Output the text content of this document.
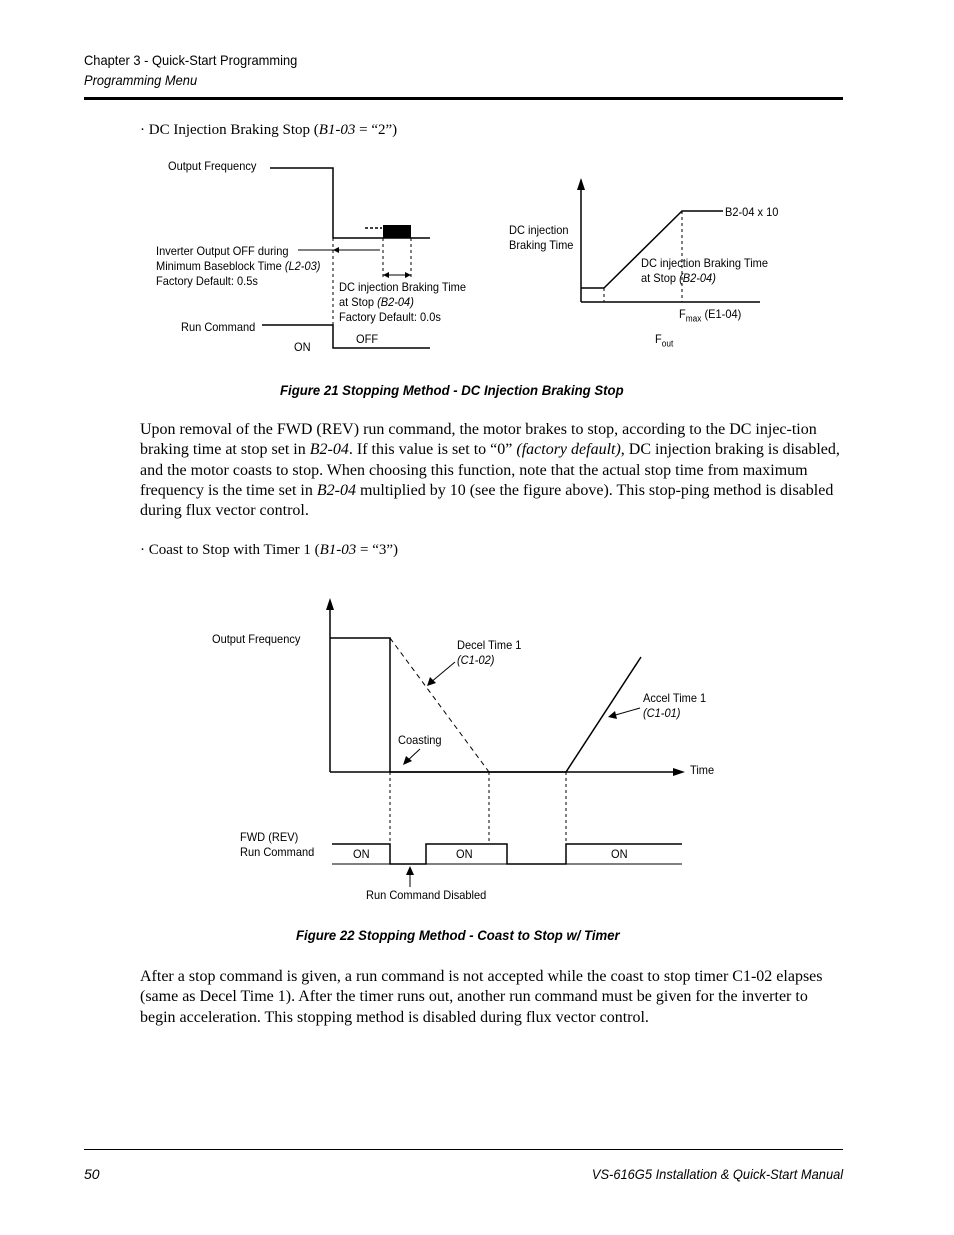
Chapter 3 - Quick-Start Programming
Programming Menu
· DC Injection Braking Stop (B1-03 = “2”)
Output Frequency
Inverter Output OFF during
Minimum Baseblock Time (L2-03)
Factory Default: 0.5s	DC injection Braking Time
at Stop (B2-04)
Factory Default: 0.0s
Run Command
ON
OFF
DC injection
Braking Time
B2-04 x 10
DC injection Braking Time
at Stop (B2-04)
$F_{max}$ (E1-04)
$F_{out}$
Figure 21 Stopping Method - DC Injection Braking Stop

Upon removal of the FWD (REV) run command, the motor brakes to stop, according to the DC injec-tion braking time at stop set in B2-04. If this value is set to “0” (factory default), DC injection braking is disabled, and the motor coasts to stop. When choosing this function, note that the actual stop time from maximum frequency is the time set in B2-04 multiplied by 10 (see the figure above). This stop-ping method is disabled during flux vector control.

· Coast to Stop with Timer 1 (B1-03 = “3”)
Output Frequency	Decel Time 1
(C1-02)
Accel Time 1
(C1-01)
Coasting
Time
FWD (REV)
Run Command	ON	ON	ON
Run Command Disabled
Figure 22 Stopping Method - Coast to Stop w/ Timer

After a stop command is given, a run command is not accepted while the coast to stop timer C1-02 elapses (same as Decel Time 1). After the timer runs out, another run command must be given for the inverter to begin acceleration. This stopping method is disabled during flux vector control.

50	VS-616G5 Installation & Quick-Start Manual
